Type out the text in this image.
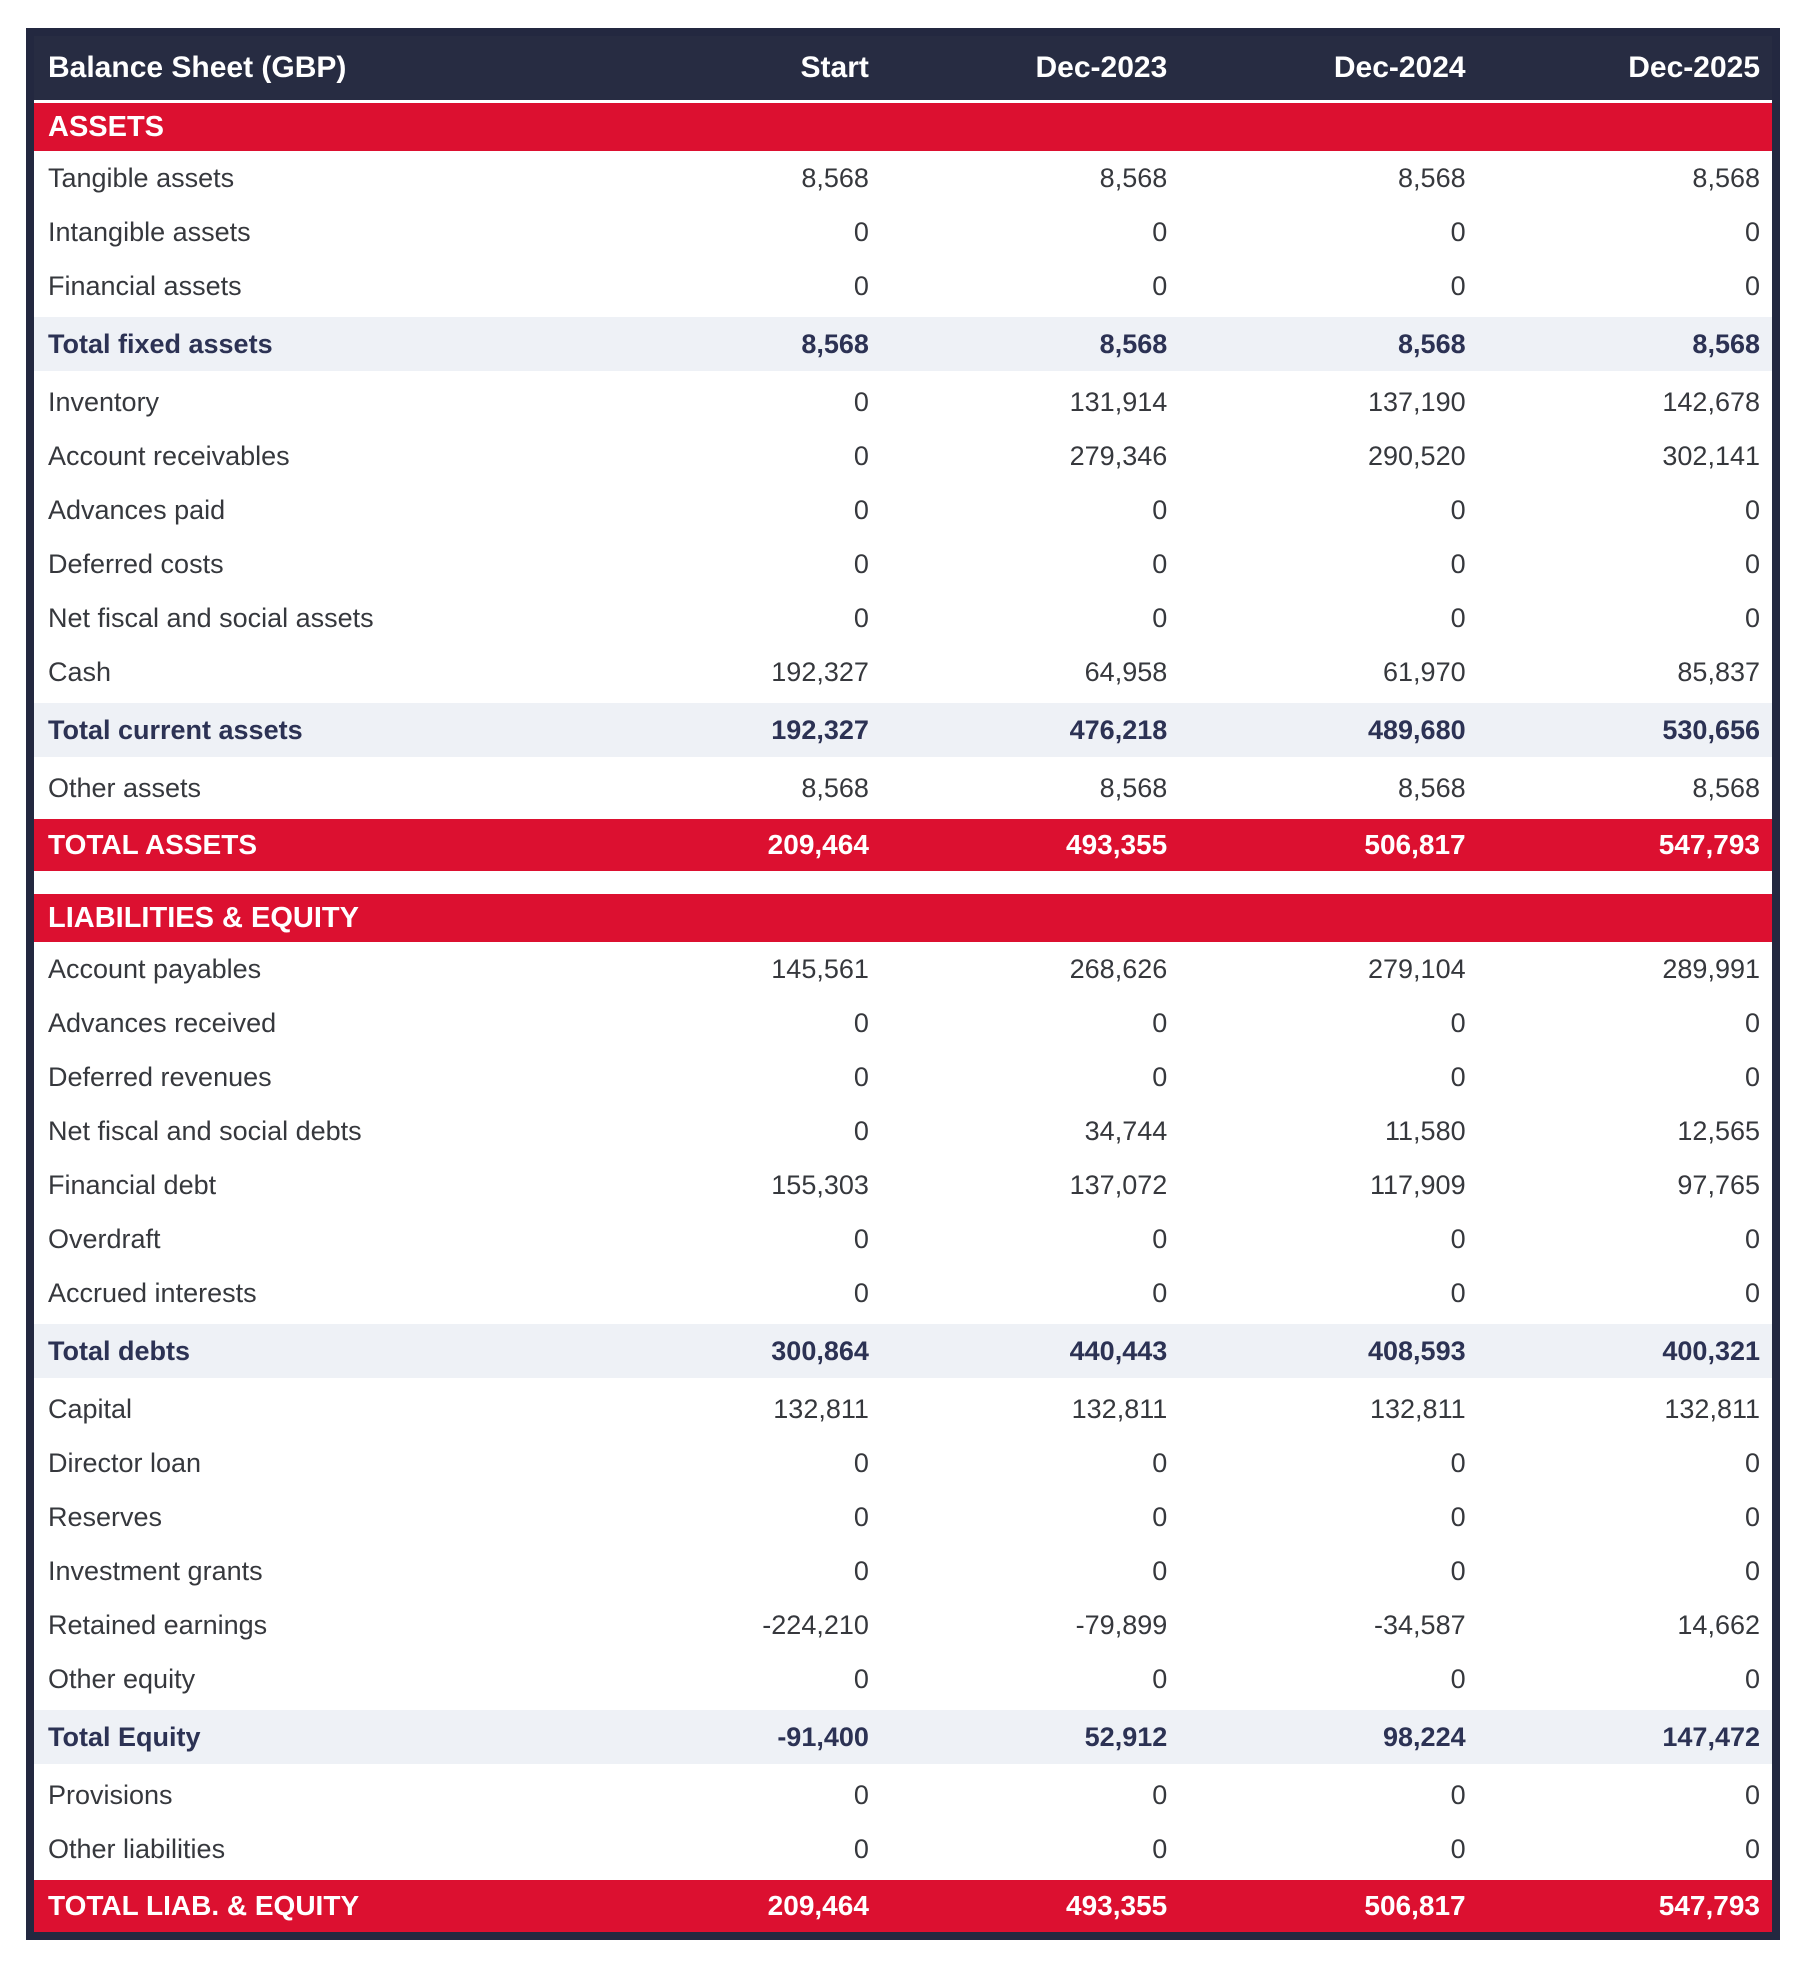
Balance Sheet (GBP)	Start	Dec-2023	Dec-2024	Dec-2025
ASSETS				
Tangible assets	8,568	8,568	8,568	8,568
Intangible assets	0	0	0	0
Financial assets	0	0	0	0
Total fixed assets	8,568	8,568	8,568	8,568
Inventory	0	131,914	137,190	142,678
Account receivables	0	279,346	290,520	302,141
Advances paid	0	0	0	0
Deferred costs	0	0	0	0
Net fiscal and social assets	0	0	0	0
Cash	192,327	64,958	61,970	85,837
Total current assets	192,327	476,218	489,680	530,656
Other assets	8,568	8,568	8,568	8,568
TOTAL ASSETS	209,464	493,355	506,817	547,793

LIABILITIES & EQUITY				
Account payables	145,561	268,626	279,104	289,991
Advances received	0	0	0	0
Deferred revenues	0	0	0	0
Net fiscal and social debts	0	34,744	11,580	12,565
Financial debt	155,303	137,072	117,909	97,765
Overdraft	0	0	0	0
Accrued interests	0	0	0	0
Total debts	300,864	440,443	408,593	400,321
Capital	132,811	132,811	132,811	132,811
Director loan	0	0	0	0
Reserves	0	0	0	0
Investment grants	0	0	0	0
Retained earnings	-224,210	-79,899	-34,587	14,662
Other equity	0	0	0	0
Total Equity	-91,400	52,912	98,224	147,472
Provisions	0	0	0	0
Other liabilities	0	0	0	0
TOTAL LIAB. & EQUITY	209,464	493,355	506,817	547,793
